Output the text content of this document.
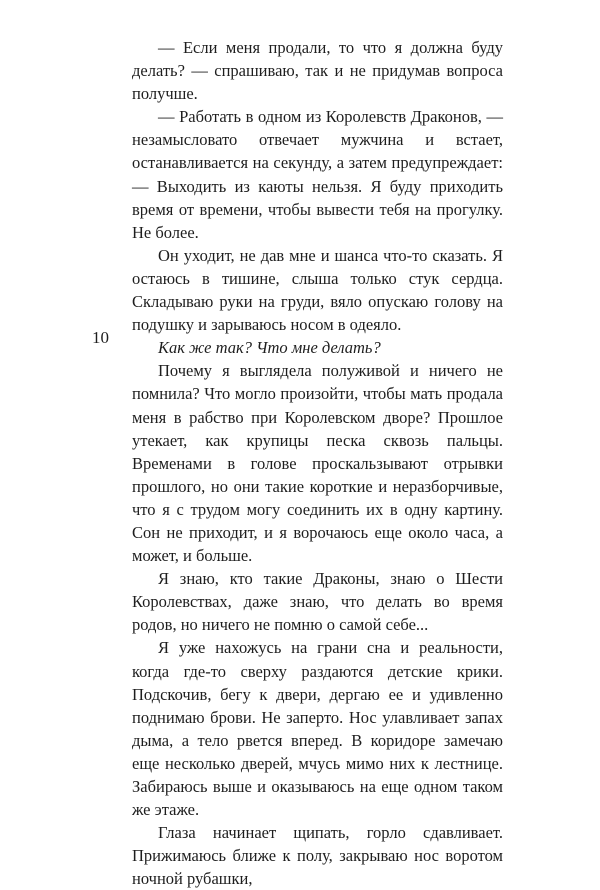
10

— Если меня продали, то что я должна буду делать? — спрашиваю, так и не придумав вопроса получше.

— Работать в одном из Королевств Драконов, — незамысловато отвечает мужчина и встает, останавливается на секунду, а затем предупреждает: — Выходить из каюты нельзя. Я буду приходить время от времени, чтобы вывести тебя на прогулку. Не более.

Он уходит, не дав мне и шанса что-то сказать. Я остаюсь в тишине, слыша только стук сердца. Складываю руки на груди, вяло опускаю голову на подушку и зарываюсь носом в одеяло.

Как же так? Что мне делать?

Почему я выглядела полуживой и ничего не помнила? Что могло произойти, чтобы мать продала меня в рабство при Королевском дворе? Прошлое утекает, как крупицы песка сквозь пальцы. Временами в голове проскальзывают отрывки прошлого, но они такие короткие и неразборчивые, что я с трудом могу соединить их в одну картину. Сон не приходит, и я ворочаюсь еще около часа, а может, и больше.

Я знаю, кто такие Драконы, знаю о Шести Королевствах, даже знаю, что делать во время родов, но ничего не помню о самой себе...

Я уже нахожусь на грани сна и реальности, когда где-то сверху раздаются детские крики. Подскочив, бегу к двери, дергаю ее и удивленно поднимаю брови. Не заперто. Нос улавливает запах дыма, а тело рвется вперед. В коридоре замечаю еще несколько дверей, мчусь мимо них к лестнице. Забираюсь выше и оказываюсь на еще одном таком же этаже.

Глаза начинает щипать, горло сдавливает. Прижимаюсь ближе к полу, закрываю нос воротом ночной рубашки,
